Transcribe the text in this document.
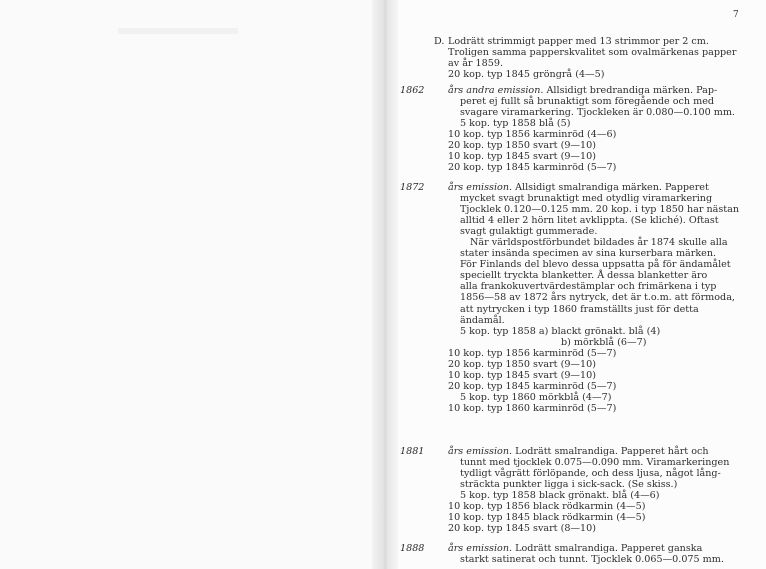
7
D. Lodrätt strimmigt papper med 13 strimmor per 2 cm.
Troligen samma papperskvalitet som ovalmärkenas papper
av år 1859.
20 kop. typ 1845 gröngrå (4—5)
1862 års andra emission. Allsidigt bredrandiga märken. Pap-
peret ej fullt så brunaktigt som föregående och med
svagare viramarkering. Tjockleken är 0.080—0.100 mm.
5 kop. typ 1858 blå (5)
10 kop. typ 1856 karminröd (4—6)
20 kop. typ 1850 svart (9—10)
10 kop. typ 1845 svart (9—10)
20 kop. typ 1845 karminröd (5—7)
1872 års emission. Allsidigt smalrandiga märken. Papperet
mycket svagt brunaktigt med otydlig viramarkering
Tjocklek 0.120—0.125 mm. 20 kop. i typ 1850 har nästan
alltid 4 eller 2 hörn litet avklippta. (Se kliché). Oftast
svagt gulaktigt gummerade.
När världspostförbundet bildades år 1874 skulle alla
stater insända specimen av sina kurserbara märken.
För Finlands del blevo dessa uppsatta på för ändamålet
speciellt tryckta blanketter. Å dessa blanketter äro
alla frankokuvertvärdestämplar och frimärkena i typ
1856—58 av 1872 års nytryck, det är t.o.m. att förmoda,
att nytrycken i typ 1860 framställts just för detta
ändamål.
5 kop. typ 1858 a) blackt grönakt. blå (4)
b) mörkblå (6—7)
10 kop. typ 1856 karminröd (5—7)
20 kop. typ 1850 svart (9—10)
10 kop. typ 1845 svart (9—10)
20 kop. typ 1845 karminröd (5—7)
5 kop. typ 1860 mörkblå (4—7)
10 kop. typ 1860 karminröd (5—7)
1881 års emission. Lodrätt smalrandiga. Papperet hårt och
tunnt med tjocklek 0.075—0.090 mm. Viramarkeringen
tydligt vågrätt förlöpande, och dess ljusa, något lång-
sträckta punkter ligga i sick-sack. (Se skiss.)
5 kop. typ 1858 black grönakt. blå (4—6)
10 kop. typ 1856 black rödkarmin (4—5)
10 kop. typ 1845 black rödkarmin (4—5)
20 kop. typ 1845 svart (8—10)
1888 års emission. Lodrätt smalrandiga. Papperet ganska
starkt satinerat och tunnt. Tjocklek 0.065—0.075 mm.
